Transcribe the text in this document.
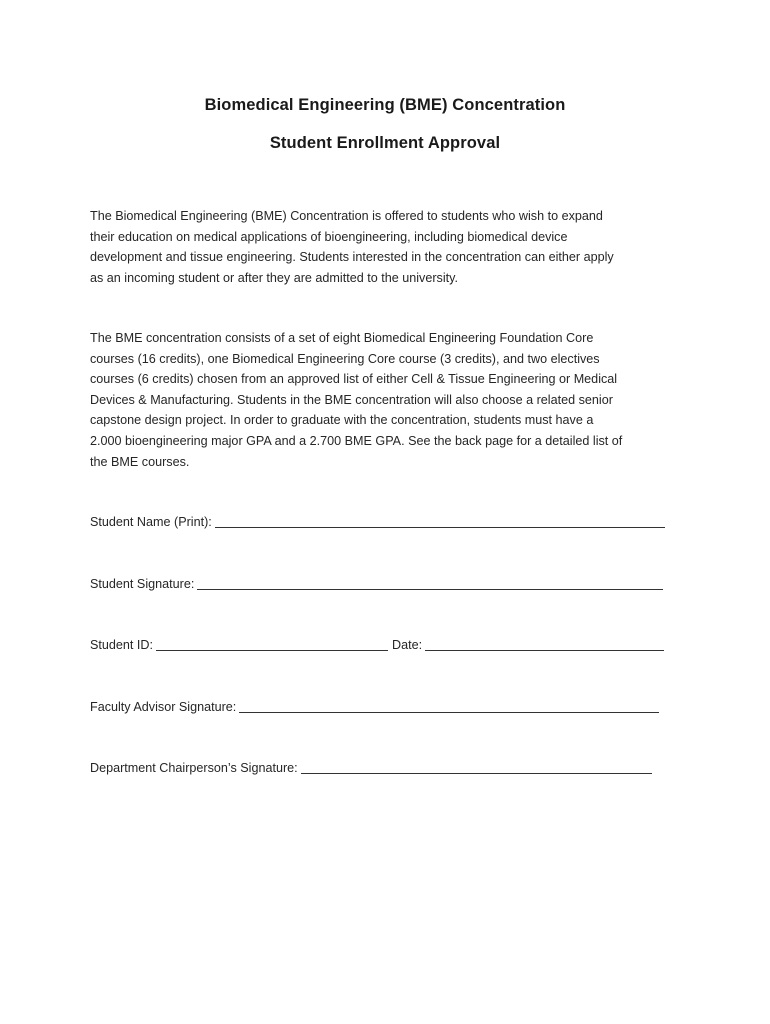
Biomedical Engineering (BME) Concentration
Student Enrollment Approval

The Biomedical Engineering (BME) Concentration is offered to students who wish to expand
their education on medical applications of bioengineering, including biomedical device
development and tissue engineering. Students interested in the concentration can either apply
as an incoming student or after they are admitted to the university.

The BME concentration consists of a set of eight Biomedical Engineering Foundation Core
courses (16 credits), one Biomedical Engineering Core course (3 credits), and two electives
courses (6 credits) chosen from an approved list of either Cell & Tissue Engineering or Medical
Devices & Manufacturing. Students in the BME concentration will also choose a related senior
capstone design project. In order to graduate with the concentration, students must have a
2.000 bioengineering major GPA and a 2.700 BME GPA. See the back page for a detailed list of
the BME courses.

Student Name (Print):
Student Signature:
Student ID:	Date:
Faculty Advisor Signature:
Department Chairperson’s Signature:
